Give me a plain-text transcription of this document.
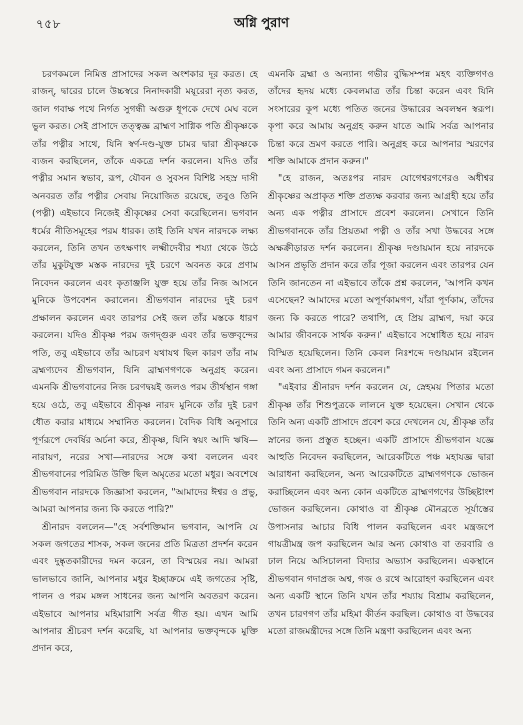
৭৫৮	অগ্নি পুরাণ

চরণকমলে নিমিত্ত প্রাসাদের সকল অংশকার দূর করত। হে রাজন্, দ্বারের চালে উচ্চস্বরে নিনাদকারী ময়ূরেরা নৃত্য করত, জাল গবাক্ষ পথে নির্গত সুগন্ধী অগুরু ধূপকে দেখে মেঘ বলে ভুল করত। সেই প্রাসাদে তত্ত্বজ্ঞ ব্রাহ্মণ সাগ্নিক পতি শ্রীকৃষ্ণকে তাঁর পত্নীর সাথে, যিনি স্বর্ণ-দণ্ড-যুক্ত চামর দ্বারা শ্রীকৃষ্ণকে ব্যজন করছিলেন, তাঁকে একত্রে দর্শন করলেন। যদিও তাঁর পত্নীর সমান স্বভাব, রূপ, যৌবন ও সুবসন বিশিষ্ট সহস্র দাসী অনবরত তাঁর পত্নীর সেবায় নিয়োজিত রয়েছে, তবুও তিনি (পত্নী) এইভাবে নিজেই শ্রীকৃষ্ণের সেবা করেছিলেন। ভগবান ধর্মের নীতিসমূহের পরম ধারক। তাই তিনি যখন নারদকে লক্ষ্য করলেন, তিনি তখন তৎক্ষণাৎ লক্ষ্মীদেবীর শয্যা থেকে উঠে তাঁর মুকুটযুক্ত মস্তক নারদের দুই চরণে অবনত করে প্রণাম নিবেদন করলেন এবং কৃতাঞ্জলি যুক্ত হয়ে তাঁর নিজ আসনে মুনিকে উপবেশন করালেন। শ্রীভগবান নারদের দুই চরণ প্রক্ষালন করলেন এবং তারপর সেই জল তাঁর মস্তকে ধারণ করলেন। যদিও শ্রীকৃষ্ণ পরম জগদ্গুরু এবং তাঁর ভক্তবৃন্দের পতি, তবু এইভাবে তাঁর আচরণ যথাযথ ছিল কারণ তাঁর নাম ব্রহ্মণ্যদেব শ্রীভগবান, যিনি ব্রাহ্মণগণকে অনুগ্রহ করেন। এমনকি শ্রীভগবানের নিজ চরণদ্বয়ই জলও পরম তীর্থস্থান গঙ্গা হয়ে ওঠে, তবু এইভাবে শ্রীকৃষ্ণ নারদ মুনিকে তাঁর দুই চরণ ধৌত করার মাধ্যমে সম্মানিত করলেন। বৈদিক বিধি অনুসারে পূর্ণরূপে দেবর্ষির অর্চনা করে, শ্রীকৃষ্ণ, যিনি স্বয়ং আদি ঋষি—নারায়ণ, নরের সখা—নারদের সঙ্গে কথা বললেন এবং শ্রীভগবানের পরিমিত উক্তি ছিল অমৃতের মতো মধুর। অবশেষে শ্রীভগবান নারদকে জিজ্ঞাসা করলেন, "আমাদের ঈশ্বর ও প্রভু, আমরা আপনার জন্য কি করতে পারি?"

শ্রীনারদ বললেন—"হে সর্বশক্তিমান ভগবান, আপনি যে সকল জগতের শাসক, সকল জনের প্রতি মিত্রতা প্রদর্শন করেন এবং দুষ্কৃতকারীদের দমন করেন, তা বিস্ময়ের নয়। আমরা ভালভাবে জানি, আপনার মধুর ইচ্ছাক্রমে এই জগতের সৃষ্টি, পালন ও পরম মঙ্গল সাধনের জন্য আপনি অবতরণ করেন। এইভাবে আপনার মহিমারাশি সর্বত্র গীত হয়। এখন আমি আপনার শ্রীচরণ দর্শন করেছি, যা আপনার ভক্তবৃন্দকে মুক্তি প্রদান করে,

এমনকি ব্রহ্মা ও অন্যান্য গভীর বুদ্ধিসম্পন্ন মহৎ ব্যক্তিগণও তাঁদের হৃদয় মধ্যে কেবলমাত্র তাঁর চিন্তা করেন এবং যিনি সংসারের কূপ মধ্যে পতিত জনের উদ্ধারের অবলম্বন স্বরূপ। কৃপা করে আমায় অনুগ্রহ করুন যাতে আমি সর্বত্র আপনার চিন্তা করে ভ্রমণ করতে পারি। অনুগ্রহ করে আপনার স্মরণের শক্তি আমাকে প্রদান করুন।"

"হে রাজন, অতঃপর নারদ যোগেশ্বরগণেরও অধীশ্বর শ্রীকৃষ্ণের অপ্রাকৃত শক্তি প্রত্যক্ষ করবার জন্য আগ্রহী হয়ে তাঁর অন্য এক পত্নীর প্রাসাদে প্রবেশ করলেন। সেখানে তিনি শ্রীভগবানকে তাঁর প্রিয়তমা পত্নী ও তাঁর সখা উদ্ধবের সঙ্গে অক্ষক্রীড়ারত দর্শন করলেন। শ্রীকৃষ্ণ দণ্ডায়মান হয়ে নারদকে আসন প্রভৃতি প্রদান করে তাঁর পূজা করলেন এবং তারপর যেন তিনি জানতেন না এইভাবে তাঁকে প্রশ্ন করলেন, 'আপনি কখন এসেছেন? আমাদের মতো অপূর্ণকামগণ, যাঁরা পূর্ণকাম, তাঁদের জন্য কি করতে পারে? তথাপি, হে প্রিয় ব্রাহ্মণ, দয়া করে আমার জীবনকে সার্থক করুন।' এইভাবে সম্বোধিত হয়ে নারদ বিস্মিত হয়েছিলেন। তিনি কেবল নিঃশব্দে দণ্ডায়মান রইলেন এবং অন্য প্রাসাদে গমন করলেন।"

"এইবার শ্রীনারদ দর্শন করলেন যে, স্নেহময় পিতার মতো শ্রীকৃষ্ণ তাঁর শিশুপুত্রকে লালনে যুক্ত হয়েছেন। সেখান থেকে তিনি অন্য একটি প্রাসাদে প্রবেশ করে দেখলেন যে, শ্রীকৃষ্ণ তাঁর স্নানের জন্য প্রস্তুত হচ্ছেন। একটি প্রাসাদে শ্রীভগবান যজ্ঞে আহুতি নিবেদন করছিলেন, আরেকটিতে পঞ্চ মহাযজ্ঞ দ্বারা আরাধনা করছিলেন, অন্য আরেকটিতে ব্রাহ্মণগণকে ভোজন করাচ্ছিলেন এবং অন্য কোন একটিতে ব্রাহ্মণগণের উচ্ছিষ্টাংশ ভোজন করছিলেন। কোথাও বা শ্রীকৃষ্ণ মৌনব্রতে সূর্যাস্তের উপাসনার আচার বিধি পালন করছিলেন এবং মন্ত্রজপে গায়ত্রীমন্ত্র জপ করছিলেন আর অন্য কোথাও বা তরবারি ও ঢাল নিয়ে অসিচালনা বিদ্যার অভ্যাস করছিলেন। একস্থানে শ্রীভগবান গদাপ্রজ অশ্ব, গজ ও রথে আরোহণ করছিলেন এবং অন্য একটি স্থানে তিনি যখন তাঁর শয্যায় বিশ্রাম করছিলেন, তখন চারণগণ তাঁর মহিমা কীর্তন করছিল। কোথাও বা উদ্ধবের মতো রাজমন্ত্রীদের সঙ্গে তিনি মন্ত্রণা করছিলেন এবং অন্য
